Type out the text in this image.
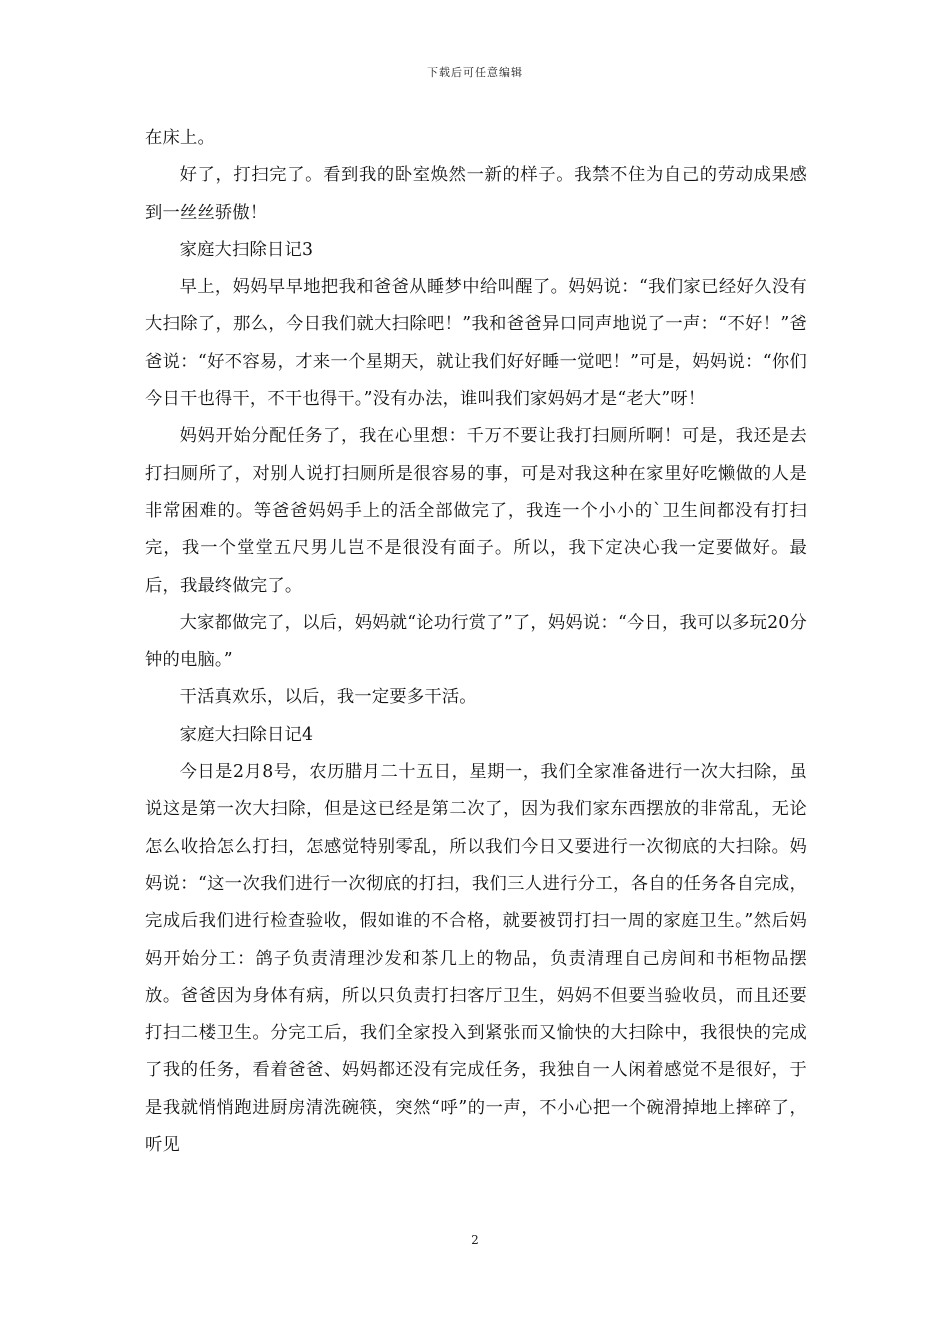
下载后可任意编辑

在床上。

好了，打扫完了。看到我的卧室焕然一新的样子。我禁不住为自己的劳动成果感到一丝丝骄傲！

家庭大扫除日记3

早上，妈妈早早地把我和爸爸从睡梦中给叫醒了。妈妈说：“我们家已经好久没有大扫除了，那么，今日我们就大扫除吧！”我和爸爸异口同声地说了一声：“不好！”爸爸说：“好不容易，才来一个星期天，就让我们好好睡一觉吧！”可是，妈妈说：“你们今日干也得干，不干也得干。”没有办法，谁叫我们家妈妈才是“老大”呀！

妈妈开始分配任务了，我在心里想：千万不要让我打扫厕所啊！可是，我还是去打扫厕所了，对别人说打扫厕所是很容易的事，可是对我这种在家里好吃懒做的人是非常困难的。等爸爸妈妈手上的活全部做完了，我连一个小小的`卫生间都没有打扫完，我一个堂堂五尺男儿岂不是很没有面子。所以，我下定决心我一定要做好。最后，我最终做完了。

大家都做完了，以后，妈妈就“论功行赏了”了，妈妈说：“今日，我可以多玩20分钟的电脑。”

干活真欢乐，以后，我一定要多干活。

家庭大扫除日记4

今日是2月8号，农历腊月二十五日，星期一，我们全家准备进行一次大扫除，虽说这是第一次大扫除，但是这已经是第二次了，因为我们家东西摆放的非常乱，无论怎么收拾怎么打扫，怎感觉特别零乱，所以我们今日又要进行一次彻底的大扫除。妈妈说：“这一次我们进行一次彻底的打扫，我们三人进行分工，各自的任务各自完成，完成后我们进行检查验收，假如谁的不合格，就要被罚打扫一周的家庭卫生。”然后妈妈开始分工：鸽子负责清理沙发和茶几上的物品，负责清理自己房间和书柜物品摆放。爸爸因为身体有病，所以只负责打扫客厅卫生，妈妈不但要当验收员，而且还要打扫二楼卫生。分完工后，我们全家投入到紧张而又愉快的大扫除中，我很快的完成了我的任务，看着爸爸、妈妈都还没有完成任务，我独自一人闲着感觉不是很好，于是我就悄悄跑进厨房清洗碗筷，突然“呼”的一声，不小心把一个碗滑掉地上摔碎了，听见

2
